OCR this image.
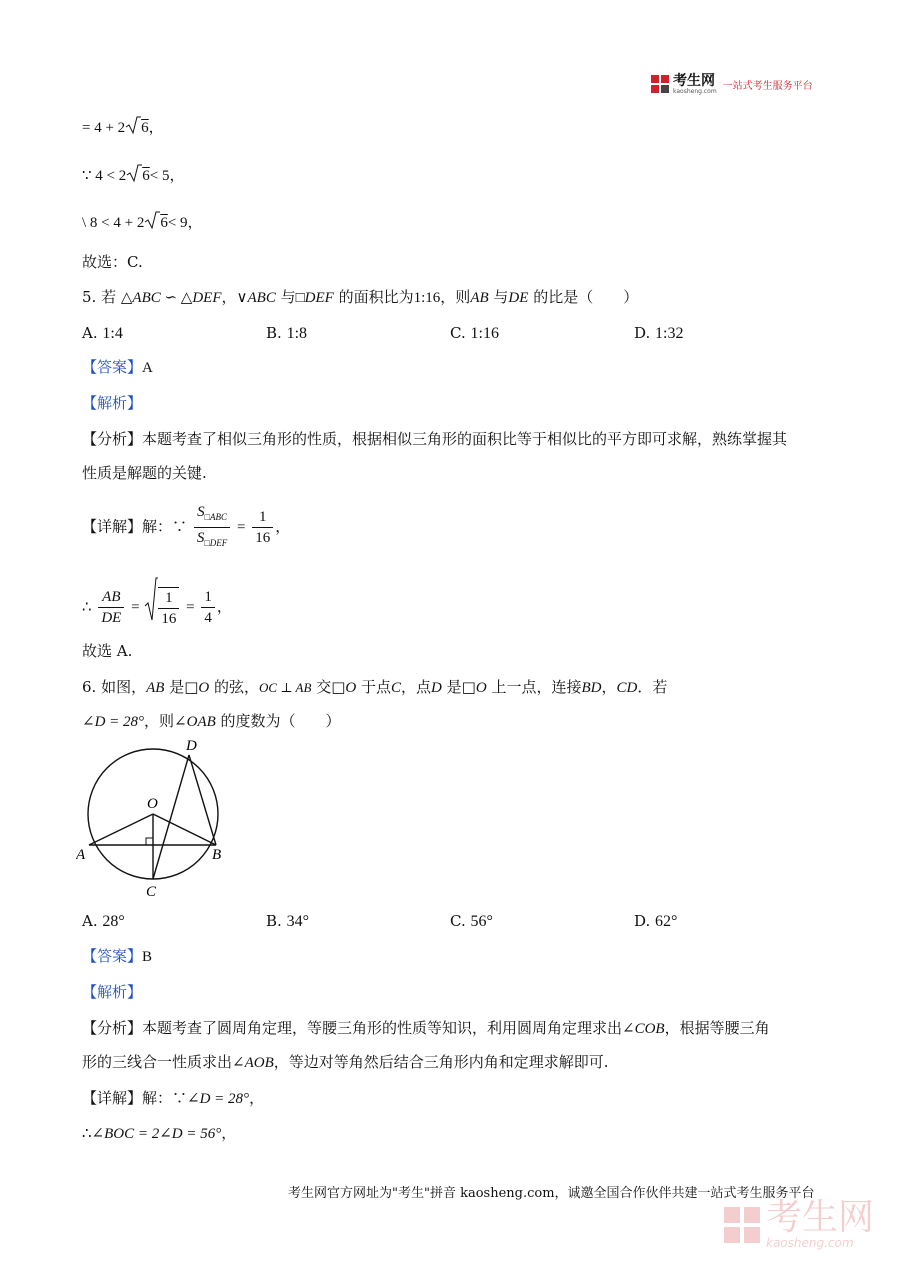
考生网
kaosheng.com 一站式考生服务平台
= 4 + 2 6，
∵ 4 < 2 6< 5，
\ 8 < 4 + 2 6< 9，
故选：C.
5. 若 △ABC ∽ △DEF，∨ABC 与□DEF 的面积比为1:16，则AB 与DE 的比是（　　）
A. 1:4	B. 1:8	C. 1:16	D. 1:32
【答案】A
【解析】
【分析】本题考查了相似三角形的性质，根据相似三角形的面积比等于相似比的平方即可求解，熟练掌握其
性质是解题的关键.
【详解】解：∵ $\frac{S_{□ABC}}{S_{□DEF}} = \frac{1}{16}$ ，
∴ $\frac{AB}{DE} = \frac{1}{16} = \frac{1}{4}$ ，
故选 A.
6. 如图，AB 是□O 的弦，OC ⊥ AB 交□O 于点C，点D 是□O 上一点，连接BD，CD．若
∠D = 28°，则∠OAB 的度数为（　　）
O
A	B
C
D
A. 28°	B. 34°	C. 56°	D. 62°
【答案】B
【解析】
【分析】本题考查了圆周角定理，等腰三角形的性质等知识，利用圆周角定理求出∠COB，根据等腰三角
形的三线合一性质求出∠AOB，等边对等角然后结合三角形内角和定理求解即可.
【详解】解：∵∠D = 28°，
∴∠BOC = 2∠D = 56°，
考生网官方网址为"考生"拼音 kaosheng.com，诚邀全国合作伙伴共建一站式考生服务平台
考生网
kaosheng.com
